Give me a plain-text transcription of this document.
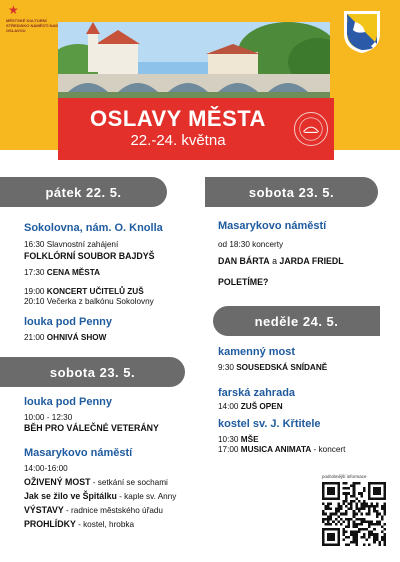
★
MĚSTSKÉ KULTURNÍ STŘEDISKO NÁMĚSTÍ NAD OSLAVOU
OSLAVY MĚSTA
22.-24. května
pátek 22. 5.
Sokolovna, nám. O. Knolla
16:30 Slavnostní zahájení
FOLKLÓRNÍ SOUBOR BAJDYŠ
17:30 CENA MĚSTA
19:00 KONCERT UČITELŮ ZUŠ
20:10 Večerka z balkónu Sokolovny
louka pod Penny
21:00 OHNIVÁ SHOW
sobota 23. 5.
louka pod Penny
10:00 - 12:30
BĚH PRO VÁLEČNÉ VETERÁNY
Masarykovo náměstí
14:00-16:00
OŽIVENÝ MOST - setkání se sochami
Jak se žilo ve Špitálku - kaple sv. Anny
VÝSTAVY - radnice městského úřadu
PROHLÍDKY - kostel, hrobka
sobota 23. 5.
Masarykovo náměstí
od 18:30 koncerty
DAN BÁRTA a JARDA FRIEDL
POLETÍME?
neděle 24. 5.
kamenný most
9:30 SOUSEDSKÁ SNÍDANĚ
farská zahrada
14:00 ZUŠ OPEN
kostel sv. J. Křtitele
10:30 MŠE
17:00 MUSICA ANIMATA - koncert
podrobnější informace
